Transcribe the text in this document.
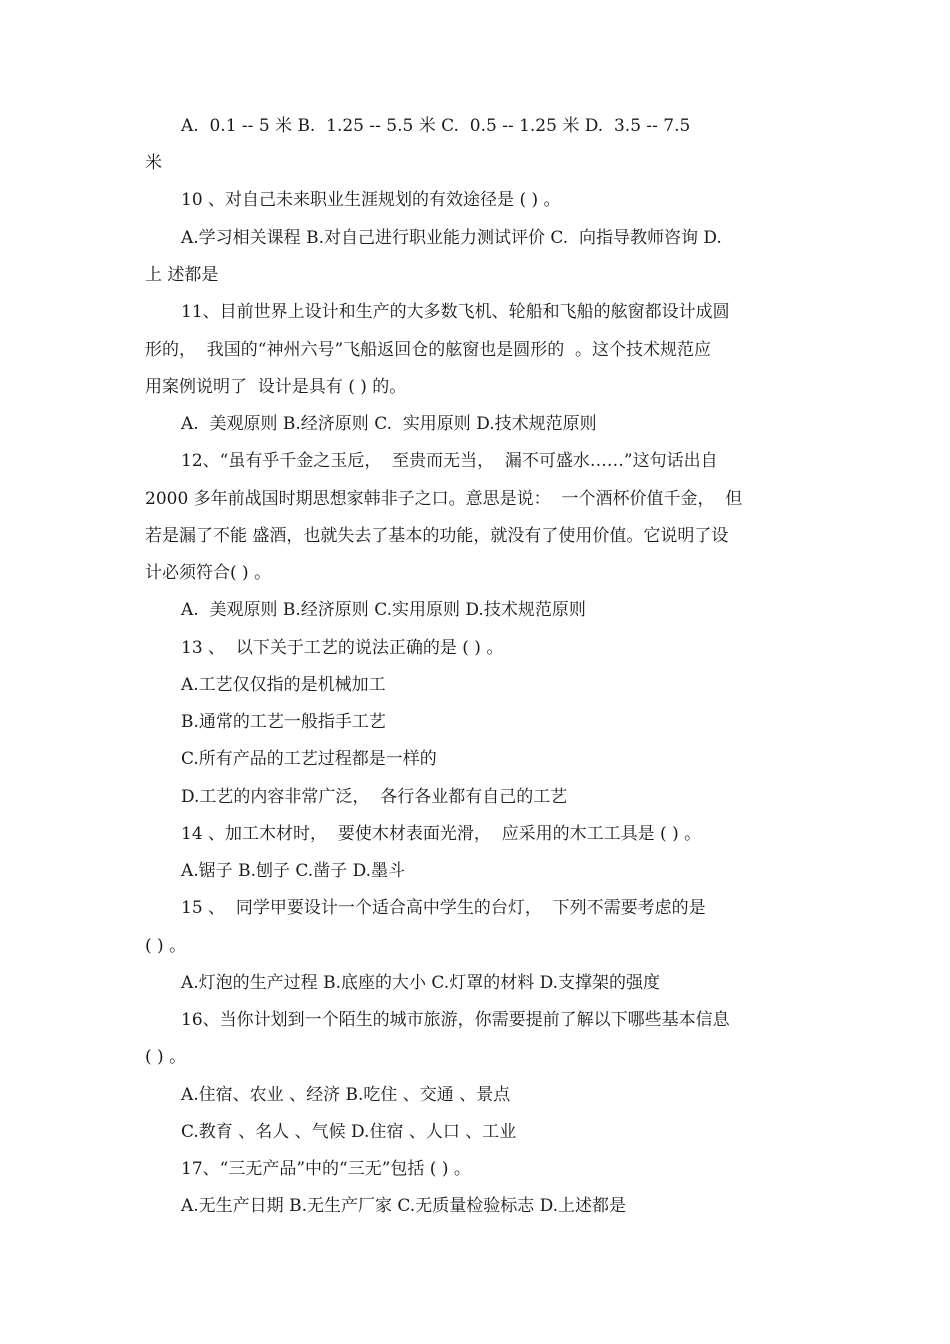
A.  0.1 -- 5 米 B.  1.25 -- 5.5 米 C.  0.5 -- 1.25 米 D.  3.5 -- 7.5

米

10 、对自己未来职业生涯规划的有效途径是 ( ) 。

A.学习相关课程 B.对自己进行职业能力测试评价 C.  向指导教师咨询 D.

上 述都是

11、目前世界上设计和生产的大多数飞机、轮船和飞船的舷窗都设计成圆

形的，  我国的“神州六号”飞船返回仓的舷窗也是圆形的  。这个技术规范应

用案例说明了  设计是具有 ( ) 的。

A.  美观原则 B.经济原则 C.  实用原则 D.技术规范原则

12、“虽有乎千金之玉卮，  至贵而无当，  漏不可盛水……”这句话出自

2000 多年前战国时期思想家韩非子之口。意思是说：  一个酒杯价值千金，  但

若是漏了不能 盛酒，也就失去了基本的功能，就没有了使用价值。它说明了设

计必须符合( ) 。

A.  美观原则 B.经济原则 C.实用原则 D.技术规范原则

13 、  以下关于工艺的说法正确的是 ( ) 。

A.工艺仅仅指的是机械加工

B.通常的工艺一般指手工艺

C.所有产品的工艺过程都是一样的

D.工艺的内容非常广泛，  各行各业都有自己的工艺

14 、加工木材时，  要使木材表面光滑，  应采用的木工工具是 ( ) 。

A.锯子 B.刨子 C.凿子 D.墨斗

15 、  同学甲要设计一个适合高中学生的台灯，  下列不需要考虑的是

( ) 。

A.灯泡的生产过程 B.底座的大小 C.灯罩的材料 D.支撑架的强度

16、当你计划到一个陌生的城市旅游，你需要提前了解以下哪些基本信息

( ) 。

A.住宿、农业 、经济 B.吃住 、交通 、景点

C.教育 、名人 、气候 D.住宿 、人口 、工业

17、“三无产品”中的“三无”包括 ( ) 。

A.无生产日期 B.无生产厂家 C.无质量检验标志 D.上述都是
